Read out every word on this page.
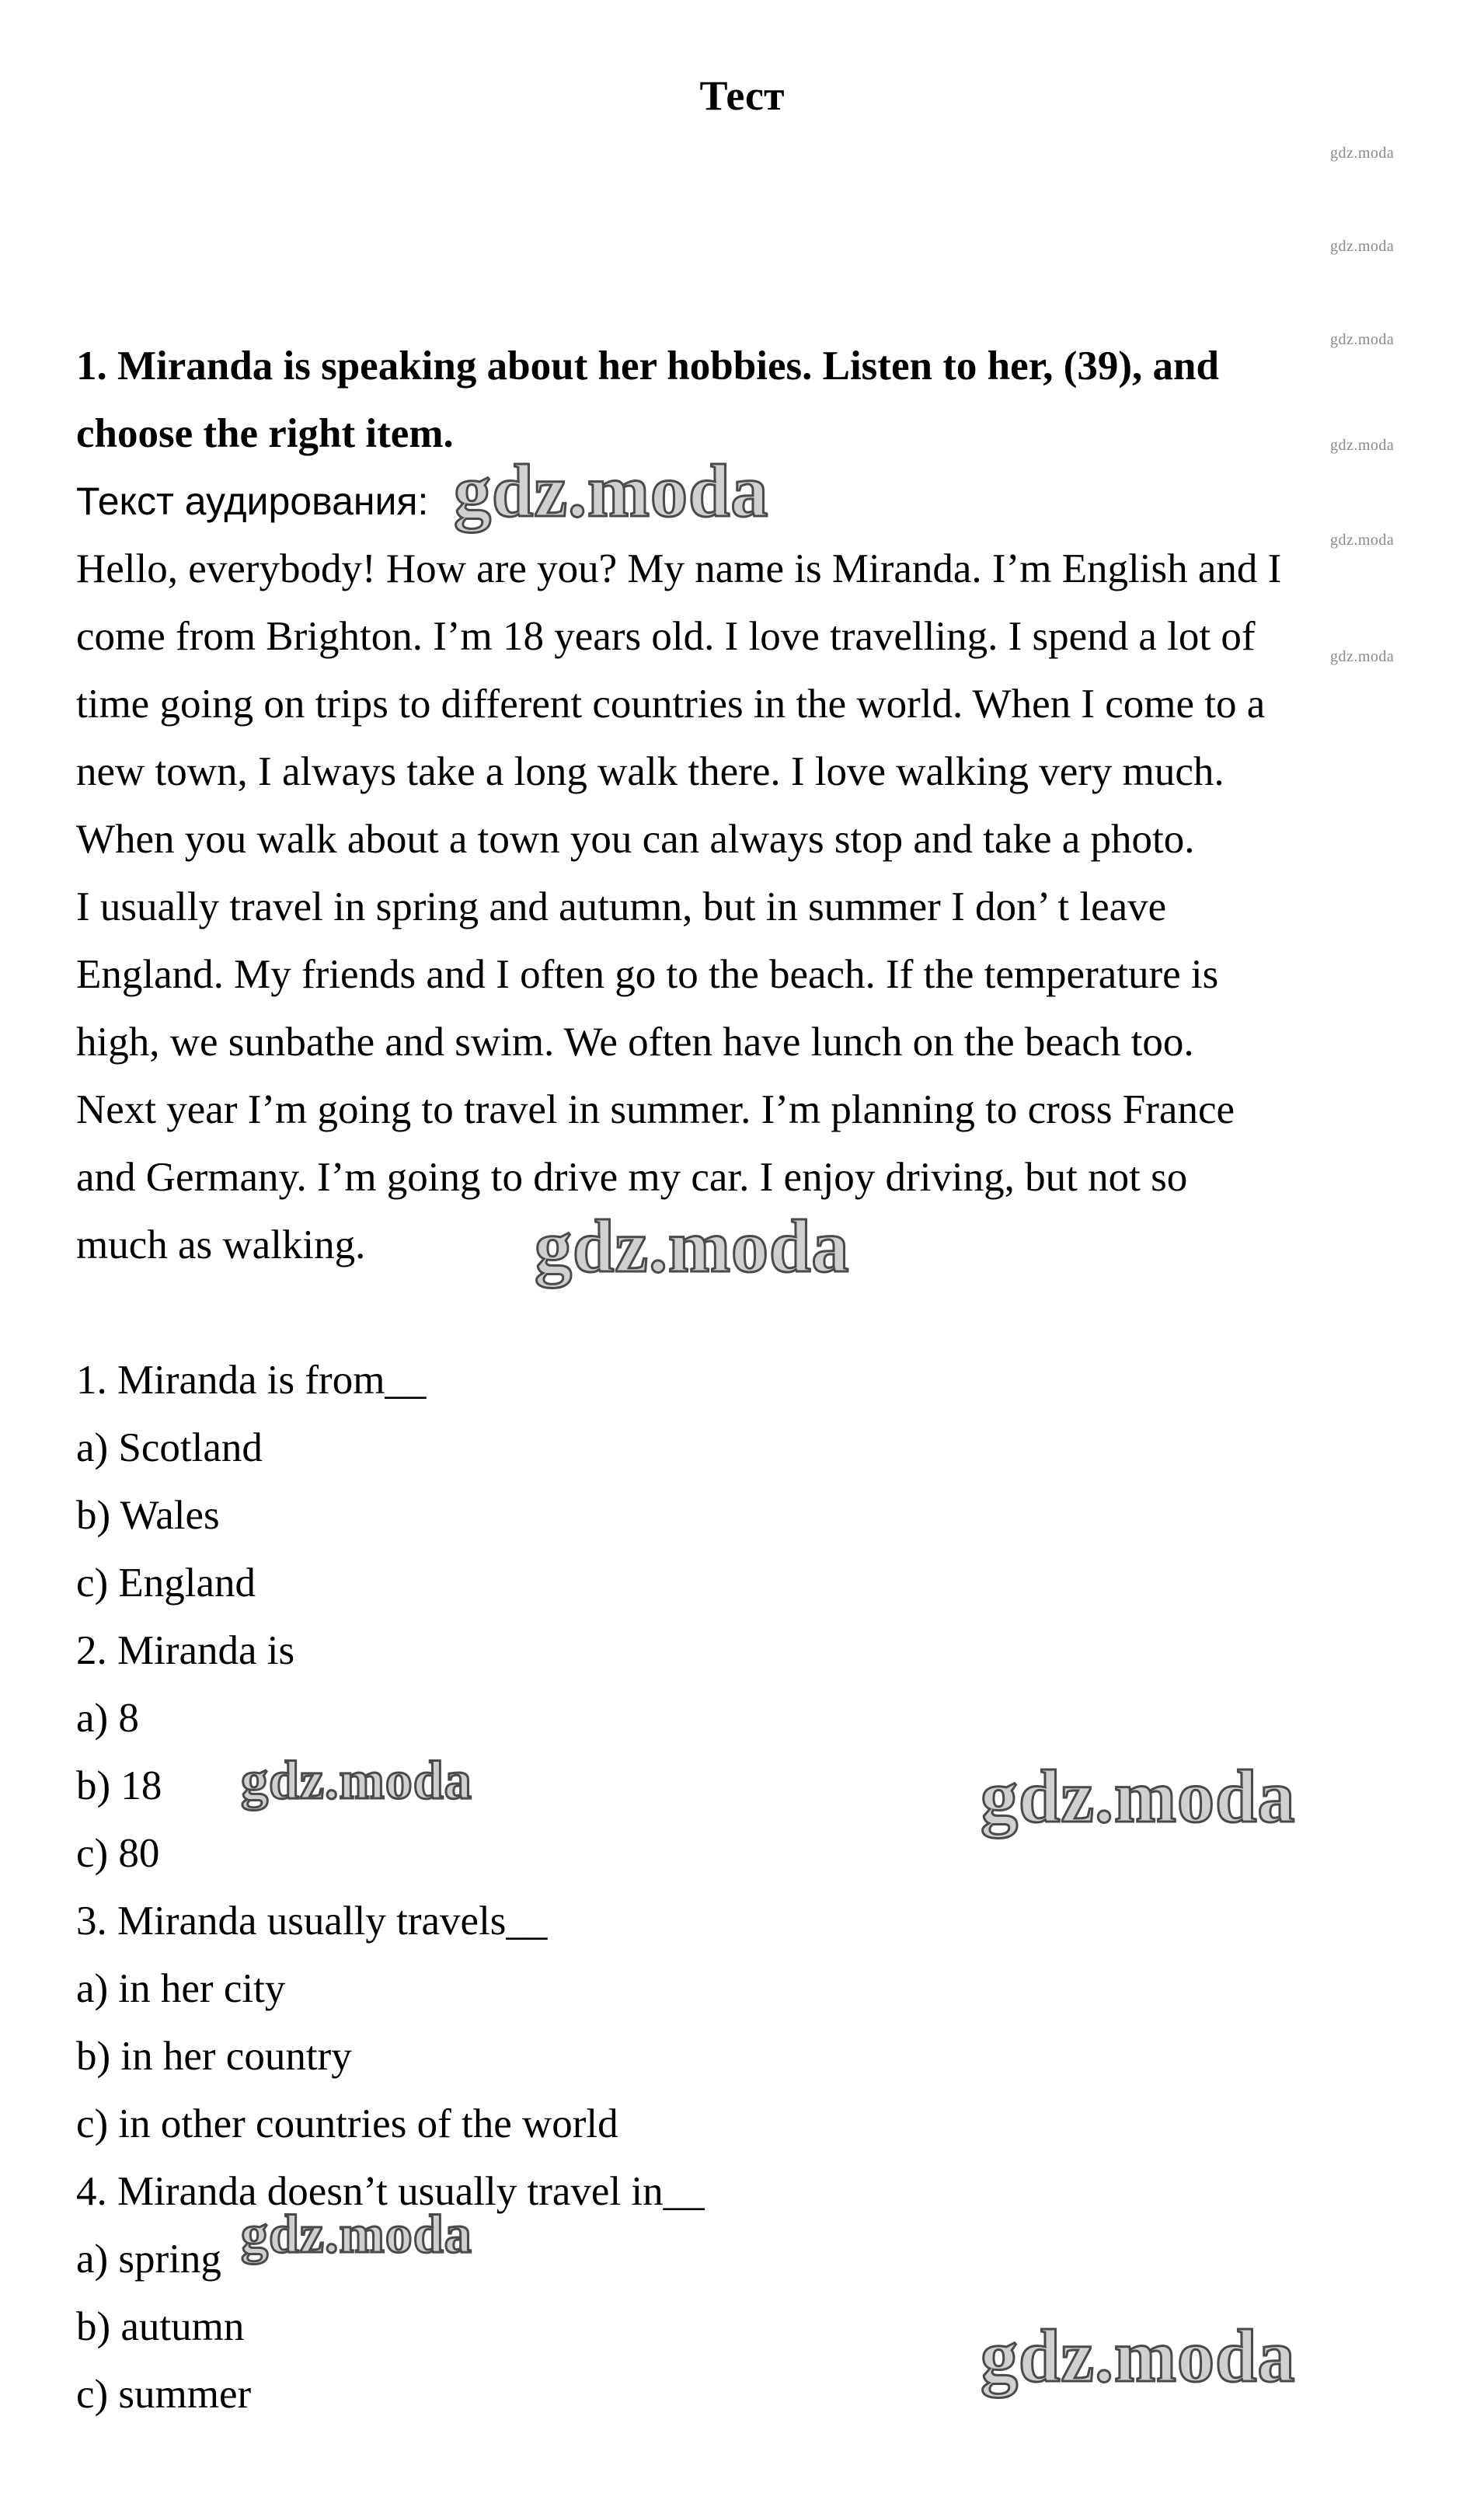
Тест

1. Miranda is speaking about her hobbies. Listen to her, (39), and

choose the right item.

Текст аудирования:

Hello, everybody! How are you? My name is Miranda. I’m English and I

come from Brighton. I’m 18 years old. I love travelling. I spend a lot of

time going on trips to different countries in the world. When I come to a

new town, I always take a long walk there. I love walking very much.

When you walk about a town you can always stop and take a photo.

I usually travel in spring and autumn, but in summer I don’ t leave

England. My friends and I often go to the beach. If the temperature is

high, we sunbathe and swim. We often have lunch on the beach too.

Next year I’m going to travel in summer. I’m planning to cross France

and Germany. I’m going to drive my car. I enjoy driving, but not so

much as walking.

1. Miranda is from__

a) Scotland

b) Wales

c) England

2. Miranda is

a) 8

b) 18

c) 80

3. Miranda usually travels__

a) in her city

b) in her country

c) in other countries of the world

4. Miranda doesn’t usually travel in__

a) spring

b) autumn

c) summer

gdz.moda
gdz.moda
gdz.moda
gdz.moda
gdz.moda
gdz.moda
gdz.moda
gdz.moda
gdz.moda	gdz.moda
gdz.moda
gdz.moda
